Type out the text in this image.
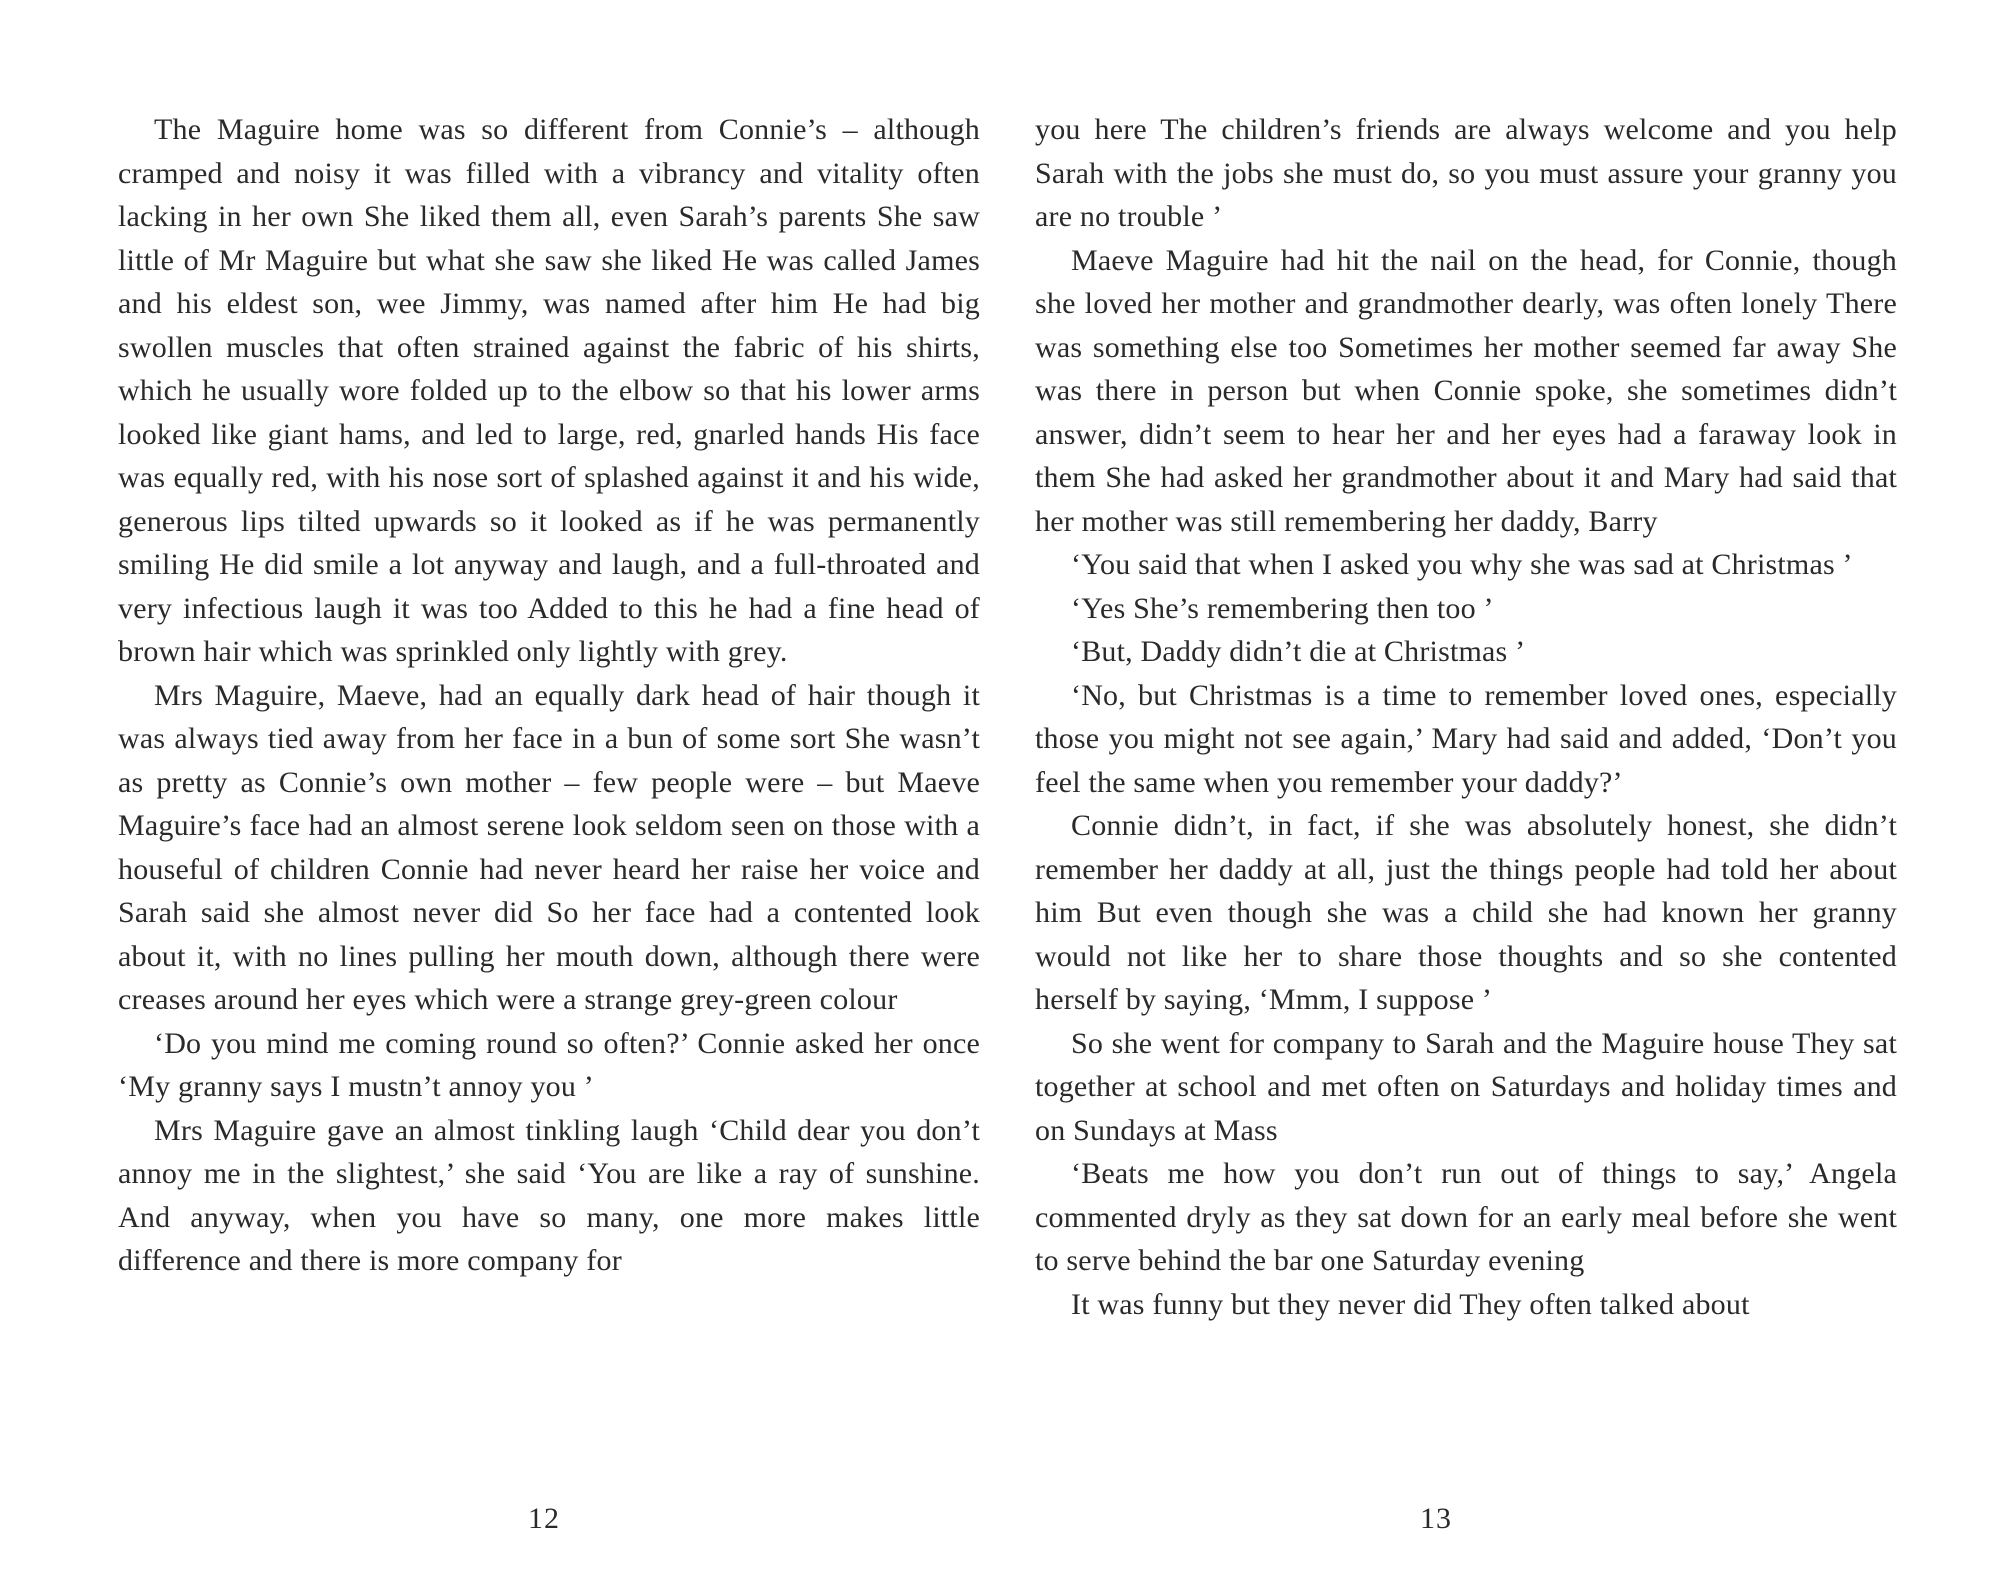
The Maguire home was so different from Connie’s – although cramped and noisy it was filled with a vibrancy and vitality often lacking in her own She liked them all, even Sarah’s parents She saw little of Mr Maguire but what she saw she liked He was called James and his eldest son, wee Jimmy, was named after him He had big swollen muscles that often strained against the fabric of his shirts, which he usually wore folded up to the elbow so that his lower arms looked like giant hams, and led to large, red, gnarled hands His face was equally red, with his nose sort of splashed against it and his wide, generous lips tilted upwards so it looked as if he was permanently smiling He did smile a lot anyway and laugh, and a full-throated and very infectious laugh it was too Added to this he had a fine head of brown hair which was sprinkled only lightly with grey.

Mrs Maguire, Maeve, had an equally dark head of hair though it was always tied away from her face in a bun of some sort She wasn’t as pretty as Connie’s own mother – few people were – but Maeve Maguire’s face had an almost serene look seldom seen on those with a houseful of children Connie had never heard her raise her voice and Sarah said she almost never did So her face had a contented look about it, with no lines pulling her mouth down, although there were creases around her eyes which were a strange grey-green colour

‘Do you mind me coming round so often?’ Connie asked her once ‘My granny says I mustn’t annoy you ’

Mrs Maguire gave an almost tinkling laugh ‘Child dear you don’t annoy me in the slightest,’ she said ‘You are like a ray of sunshine. And anyway, when you have so many, one more makes little difference and there is more company for

12

you here The children’s friends are always welcome and you help Sarah with the jobs she must do, so you must assure your granny you are no trouble ’

Maeve Maguire had hit the nail on the head, for Connie, though she loved her mother and grandmother dearly, was often lonely There was something else too Sometimes her mother seemed far away She was there in person but when Connie spoke, she sometimes didn’t answer, didn’t seem to hear her and her eyes had a faraway look in them She had asked her grandmother about it and Mary had said that her mother was still remembering her daddy, Barry

‘You said that when I asked you why she was sad at Christmas ’

‘Yes She’s remembering then too ’

‘But, Daddy didn’t die at Christmas ’

‘No, but Christmas is a time to remember loved ones, especially those you might not see again,’ Mary had said and added, ‘Don’t you feel the same when you remember your daddy?’

Connie didn’t, in fact, if she was absolutely honest, she didn’t remember her daddy at all, just the things people had told her about him But even though she was a child she had known her granny would not like her to share those thoughts and so she contented herself by saying, ‘Mmm, I suppose ’

So she went for company to Sarah and the Maguire house They sat together at school and met often on Saturdays and holiday times and on Sundays at Mass

‘Beats me how you don’t run out of things to say,’ Angela commented dryly as they sat down for an early meal before she went to serve behind the bar one Saturday evening

It was funny but they never did They often talked about

13
